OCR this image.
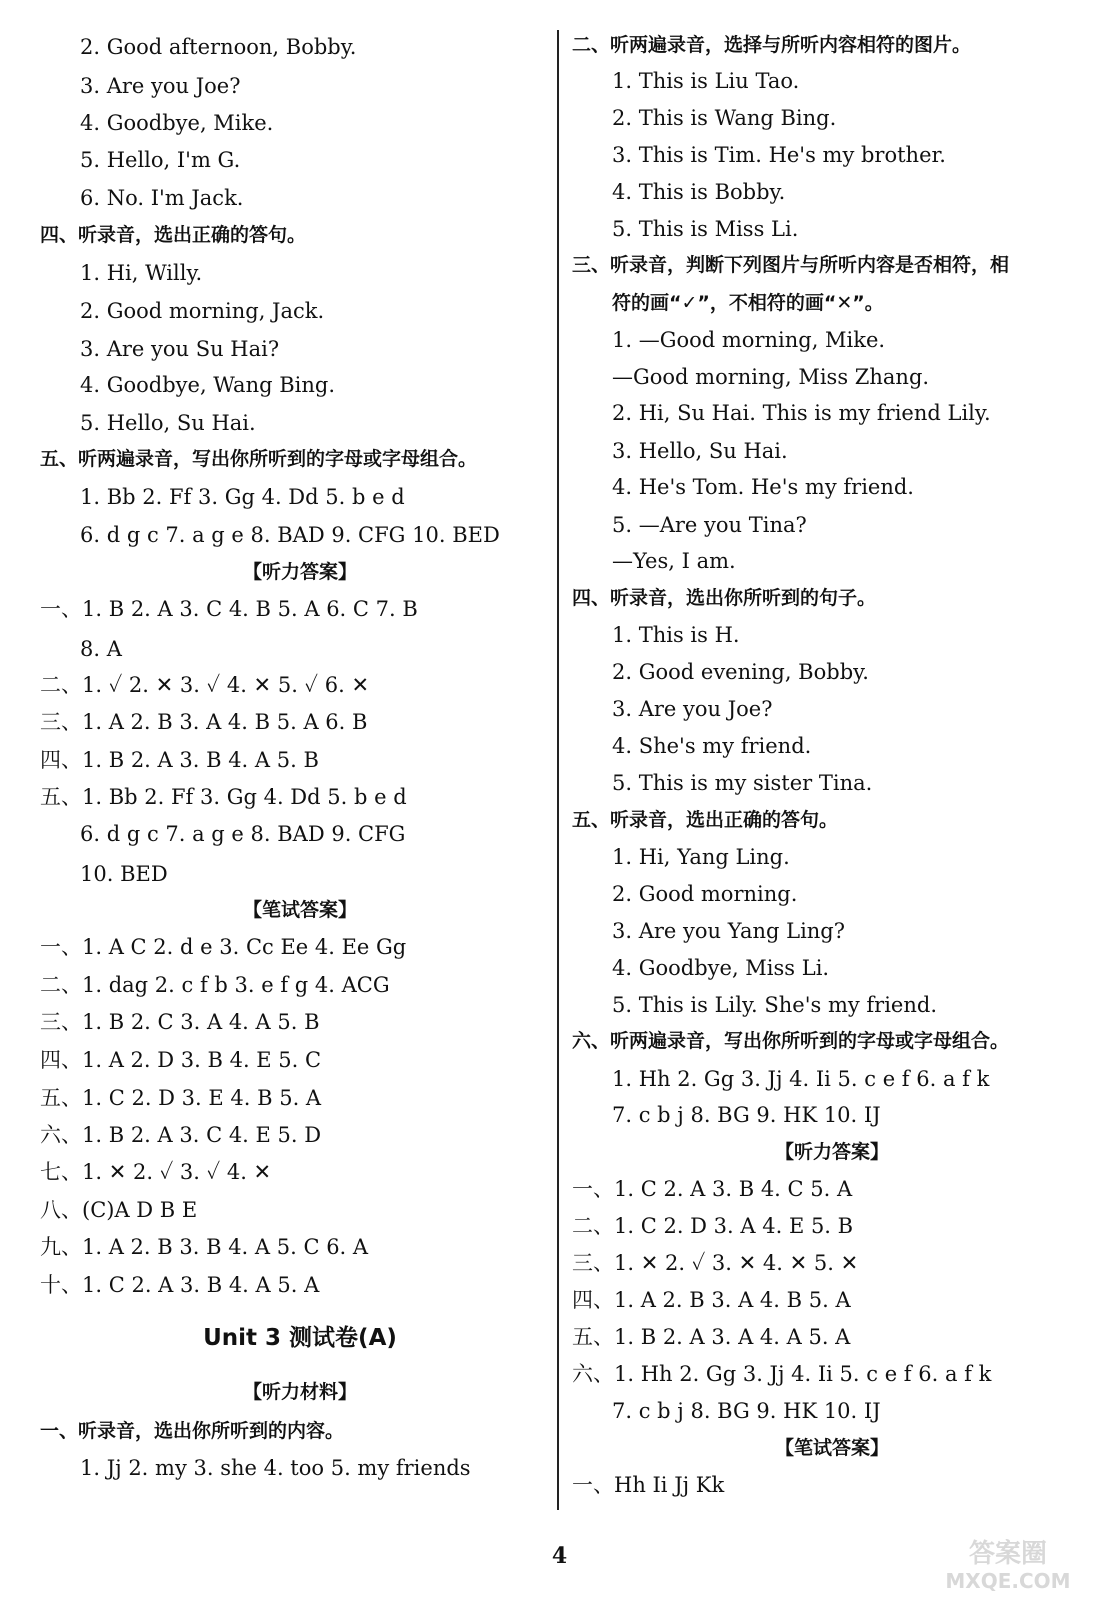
2. Good afternoon, Bobby.
3. Are you Joe?
4. Goodbye, Mike.
5. Hello, I'm G.
6. No. I'm Jack.
四、听录音，选出正确的答句。
1. Hi, Willy.
2. Good morning, Jack.
3. Are you Su Hai?
4. Goodbye, Wang Bing.
5. Hello, Su Hai.
五、听两遍录音，写出你所听到的字母或字母组合。
1. Bb 2. Ff 3. Gg 4. Dd 5. b e d
6. d g c 7. a g e 8. BAD 9. CFG 10. BED
【听力答案】
一、1. B 2. A 3. C 4. B 5. A 6. C 7. B
8. A
二、1. ✓ 2. ✕ 3. ✓ 4. ✕ 5. ✓ 6. ✕
三、1. A 2. B 3. A 4. B 5. A 6. B
四、1. B 2. A 3. B 4. A 5. B
五、1. Bb 2. Ff 3. Gg 4. Dd 5. b e d
6. d g c 7. a g e 8. BAD 9. CFG
10. BED
【笔试答案】
一、1. A C 2. d e 3. Cc Ee 4. Ee Gg
二、1. dag 2. c f b 3. e f g 4. ACG
三、1. B 2. C 3. A 4. A 5. B
四、1. A 2. D 3. B 4. E 5. C
五、1. C 2. D 3. E 4. B 5. A
六、1. B 2. A 3. C 4. E 5. D
七、1. ✕ 2. ✓ 3. ✓ 4. ✕
八、(C)A D B E
九、1. A 2. B 3. B 4. A 5. C 6. A
十、1. C 2. A 3. B 4. A 5. A
Unit 3 测试卷(A)
【听力材料】
一、听录音，选出你所听到的内容。
1. Jj 2. my 3. she 4. too 5. my friends
二、听两遍录音，选择与所听内容相符的图片。
1. This is Liu Tao.
2. This is Wang Bing.
3. This is Tim. He's my brother.
4. This is Bobby.
5. This is Miss Li.
三、听录音，判断下列图片与所听内容是否相符，相
符的画“✓”，不相符的画“✕”。
1. —Good morning, Mike.
—Good morning, Miss Zhang.
2. Hi, Su Hai. This is my friend Lily.
3. Hello, Su Hai.
4. He's Tom. He's my friend.
5. —Are you Tina?
—Yes, I am.
四、听录音，选出你所听到的句子。
1. This is H.
2. Good evening, Bobby.
3. Are you Joe?
4. She's my friend.
5. This is my sister Tina.
五、听录音，选出正确的答句。
1. Hi, Yang Ling.
2. Good morning.
3. Are you Yang Ling?
4. Goodbye, Miss Li.
5. This is Lily. She's my friend.
六、听两遍录音，写出你所听到的字母或字母组合。
1. Hh 2. Gg 3. Jj 4. Ii 5. c e f 6. a f k
7. c b j 8. BG 9. HK 10. IJ
【听力答案】
一、1. C 2. A 3. B 4. C 5. A
二、1. C 2. D 3. A 4. E 5. B
三、1. ✕ 2. ✓ 3. ✕ 4. ✕ 5. ✕
四、1. A 2. B 3. A 4. B 5. A
五、1. B 2. A 3. A 4. A 5. A
六、1. Hh 2. Gg 3. Jj 4. Ii 5. c e f 6. a f k
7. c b j 8. BG 9. HK 10. IJ
【笔试答案】
一、Hh Ii Jj Kk
4	答案圈
MXQE.COM
